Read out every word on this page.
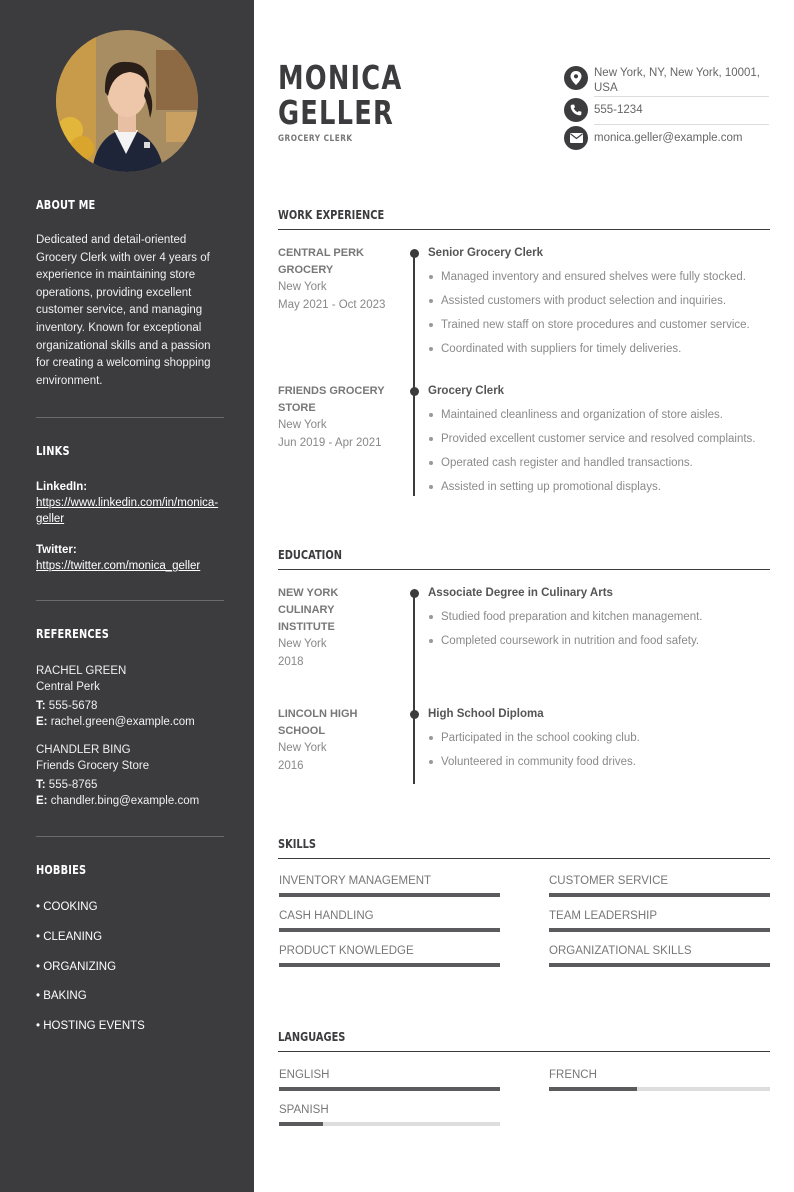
ABOUT ME
Dedicated and detail-oriented Grocery Clerk with over 4 years of experience in maintaining store operations, providing excellent customer service, and managing inventory. Known for exceptional organizational skills and a passion for creating a welcoming shopping environment.
LINKS
LinkedIn:
https://www.linkedin.com/in/monica-geller
Twitter:
https://twitter.com/monica_geller
REFERENCES
RACHEL GREEN
Central Perk
T: 555-5678
E: rachel.green@example.com
CHANDLER BING
Friends Grocery Store
T: 555-8765
E: chandler.bing@example.com
HOBBIES
• COOKING
• CLEANING
• ORGANIZING
• BAKING
• HOSTING EVENTS
MONICA
GELLER
GROCERY CLERK
New York, NY, New York, 10001, USA
555-1234
monica.geller@example.com
WORK EXPERIENCE
CENTRAL PERK GROCERY
New York
May 2021 - Oct 2023
Senior Grocery Clerk
Managed inventory and ensured shelves were fully stocked.
Assisted customers with product selection and inquiries.
Trained new staff on store procedures and customer service.
Coordinated with suppliers for timely deliveries.
FRIENDS GROCERY STORE
New York
Jun 2019 - Apr 2021
Grocery Clerk
Maintained cleanliness and organization of store aisles.
Provided excellent customer service and resolved complaints.
Operated cash register and handled transactions.
Assisted in setting up promotional displays.
EDUCATION
NEW YORK CULINARY INSTITUTE
New York
2018
Associate Degree in Culinary Arts
Studied food preparation and kitchen management.
Completed coursework in nutrition and food safety.
LINCOLN HIGH SCHOOL
New York
2016
High School Diploma
Participated in the school cooking club.
Volunteered in community food drives.
SKILLS
INVENTORY MANAGEMENT	CUSTOMER SERVICE
CASH HANDLING	TEAM LEADERSHIP
PRODUCT KNOWLEDGE	ORGANIZATIONAL SKILLS
LANGUAGES
ENGLISH	FRENCH
SPANISH
